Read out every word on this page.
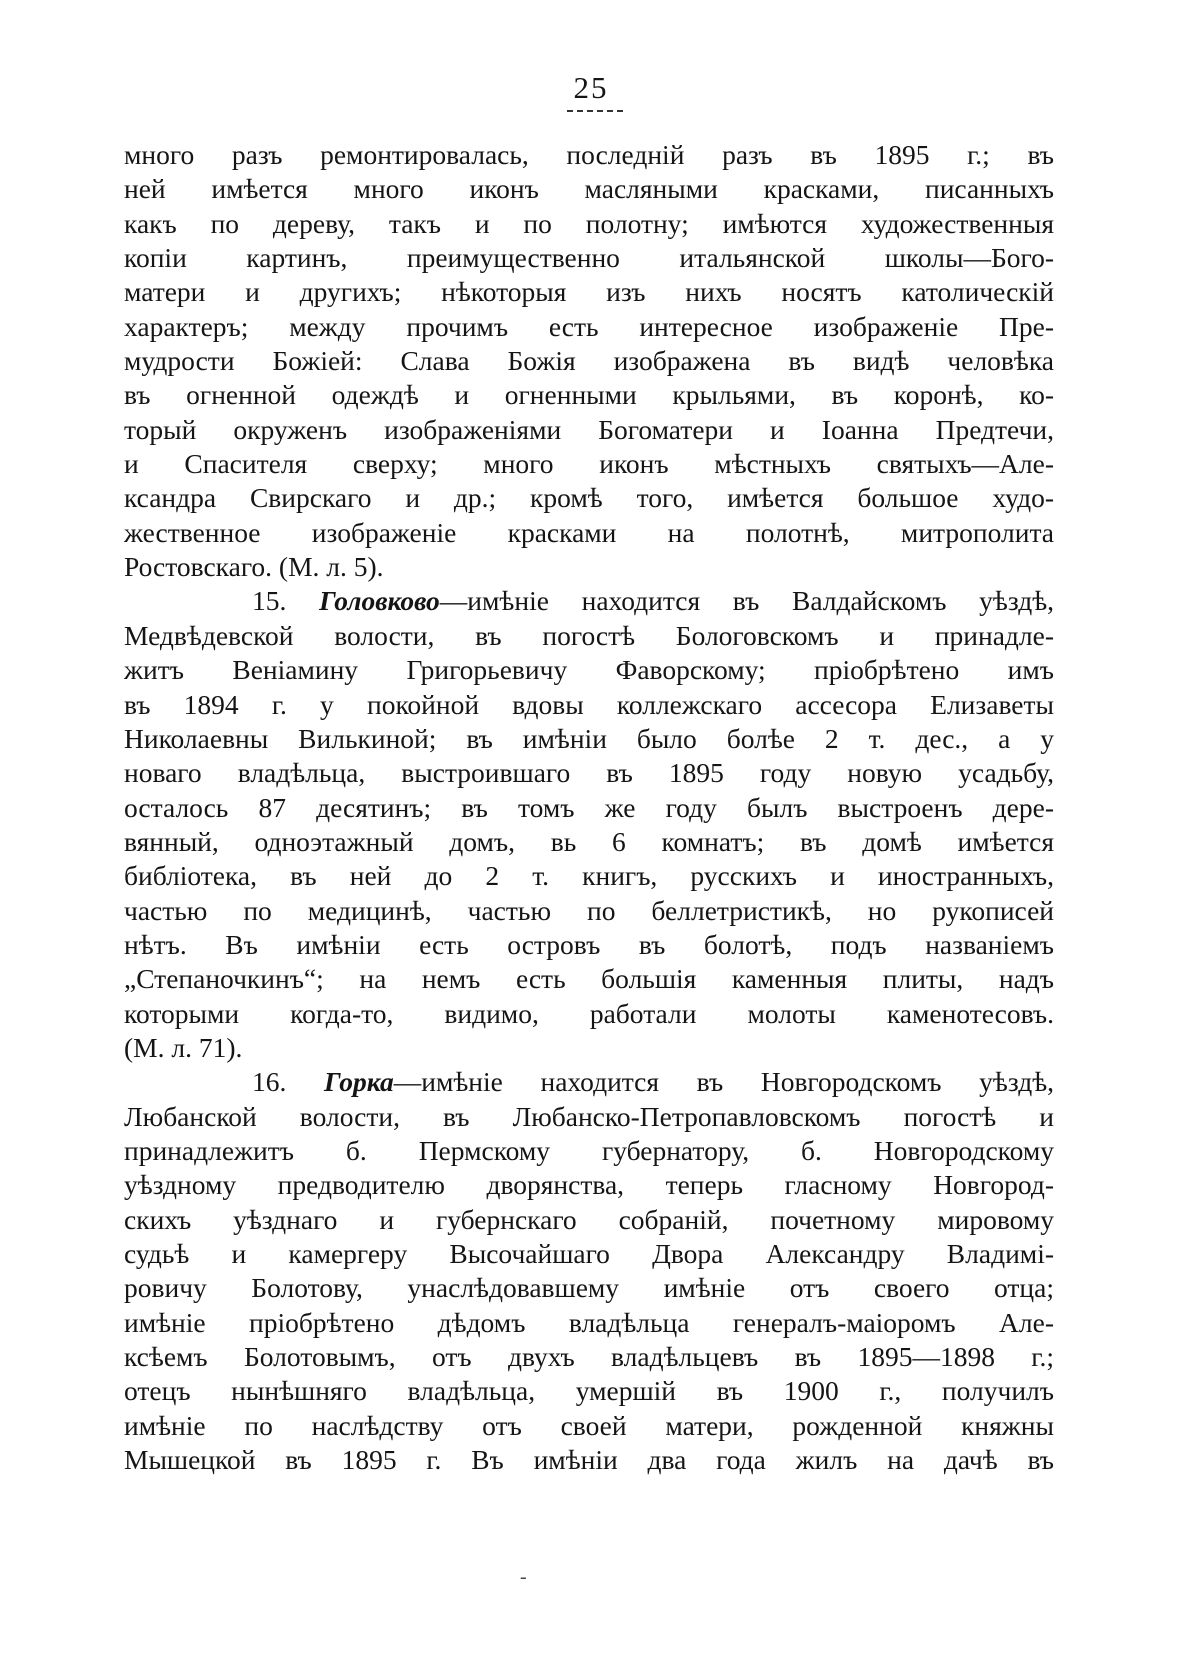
25
много разъ ремонтировалась, последній разъ въ 1895 г.; въ
ней имѣется много иконъ масляными красками, писанныхъ
какъ по дереву, такъ и по полотну; имѣются художественныя
копіи картинъ, преимущественно итальянской школы—Бого-
матери и другихъ; нѣкоторыя изъ нихъ носятъ католическій
характеръ; между прочимъ есть интересное изображеніе Пре-
мудрости Божіей: Слава Божія изображена въ видѣ человѣка
въ огненной одеждѣ и огненными крыльями, въ коронѣ, ко-
торый окруженъ изображеніями Богоматери и Іоанна Предтечи,
и Спасителя сверху; много иконъ мѣстныхъ святыхъ—Але-
ксандра Свирскаго и др.; кромѣ того, имѣется большое худо-
жественное изображеніе красками на полотнѣ, митрополита
Ростовскаго. (М. л. 5).
15. Головково—имѣніе находится въ Валдайскомъ уѣздѣ,
Медвѣдевской волости, въ погостѣ Бологовскомъ и принадле-
житъ Веніамину Григорьевичу Фаворскому; пріобрѣтено имъ
въ 1894 г. у покойной вдовы коллежскаго ассесора Елизаветы
Николаевны Вилькиной; въ имѣніи было болѣе 2 т. дес., а у
новаго владѣльца, выстроившаго въ 1895 году новую усадьбу,
осталось 87 десятинъ; въ томъ же году былъ выстроенъ дере-
вянный, одноэтажный домъ, вь 6 комнатъ; въ домѣ имѣется
библіотека, въ ней до 2 т. книгъ, русскихъ и иностранныхъ,
частью по медицинѣ, частью по беллетристикѣ, но рукописей
нѣтъ. Въ имѣніи есть островъ въ болотѣ, подъ названіемъ
„Степаночкинъ“; на немъ есть большія каменныя плиты, надъ
которыми когда-то, видимо, работали молоты каменотесовъ.
(М. л. 71).
16. Горка—имѣніе находится въ Новгородскомъ уѣздѣ,
Любанской волости, въ Любанско-Петропавловскомъ погостѣ и
принадлежитъ б. Пермскому губернатору, б. Новгородскому
уѣздному предводителю дворянства, теперь гласному Новгород-
скихъ уѣзднаго и губернскаго собраній, почетному мировому
судьѣ и камергеру Высочайшаго Двора Александру Владимі-
ровичу Болотову, унаслѣдовавшему имѣніе отъ своего отца;
имѣніе пріобрѣтено дѣдомъ владѣльца генералъ-маіоромъ Але-
ксѣемъ Болотовымъ, отъ двухъ владѣльцевъ въ 1895—1898 г.;
отецъ нынѣшняго владѣльца, умершій въ 1900 г., получилъ
имѣніе по наслѣдству отъ своей матери, рожденной княжны
Мышецкой въ 1895 г. Въ имѣніи два года жилъ на дачѣ въ
-
